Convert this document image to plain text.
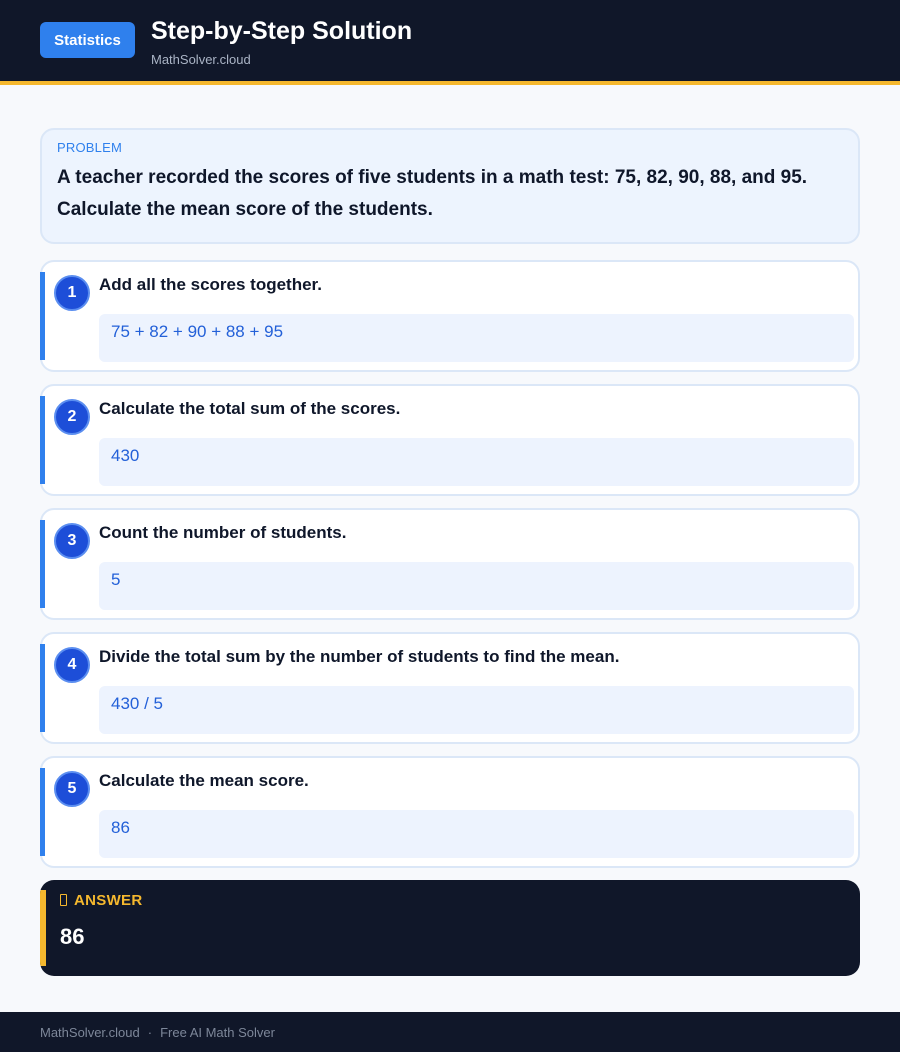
Statistics	Step-by-Step Solution
MathSolver.cloud
PROBLEM
A teacher recorded the scores of five students in a math test: 75, 82, 90, 88, and 95. Calculate the mean score of the students.
1	Add all the scores together.
75 + 82 + 90 + 88 + 95
2	Calculate the total sum of the scores.
430
3	Count the number of students.
5
4	Divide the total sum by the number of students to find the mean.
430 / 5
5	Calculate the mean score.
86
ANSWER
86
MathSolver.cloud · Free AI Math Solver
